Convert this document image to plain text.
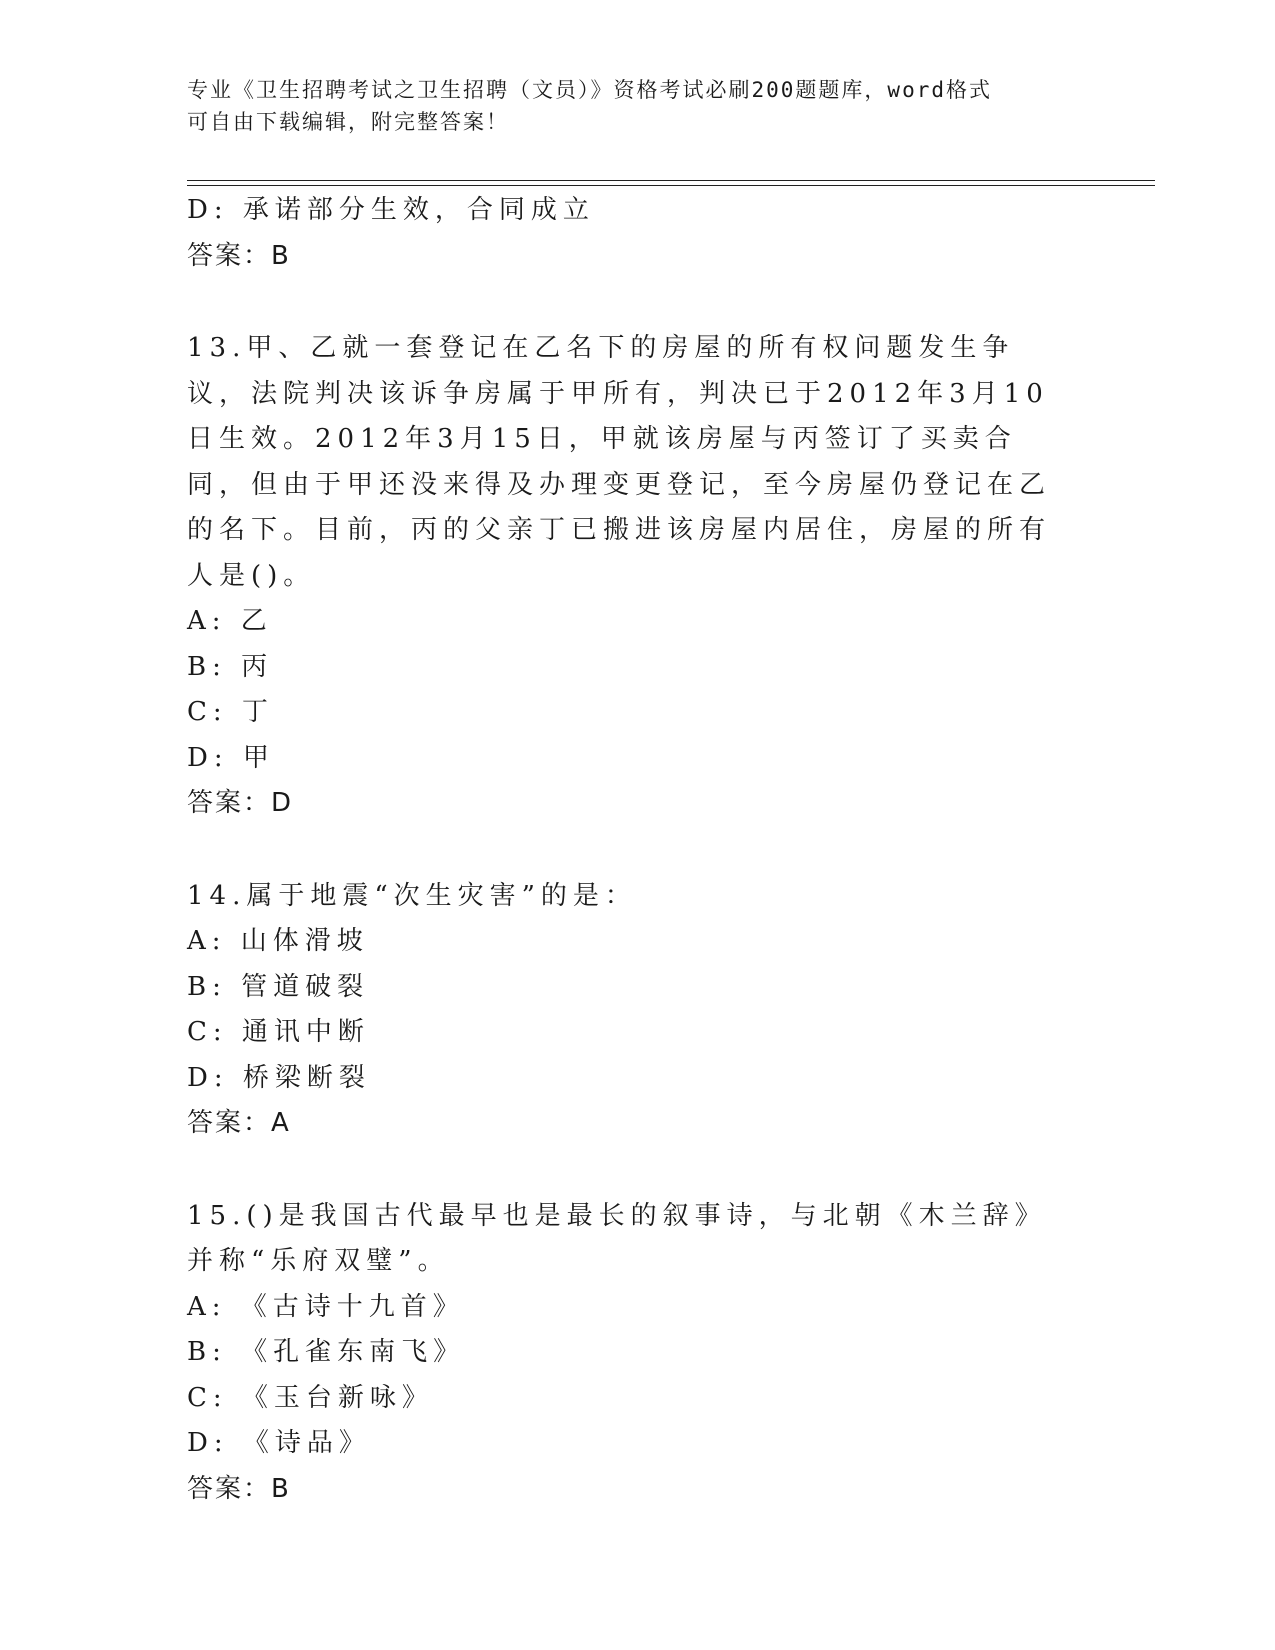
专业《卫生招聘考试之卫生招聘（文员）》资格考试必刷200题题库，word格式
可自由下载编辑，附完整答案！
D: 承诺部分生效，合同成立
答案：B
13.甲、乙就一套登记在乙名下的房屋的所有权问题发生争议，法院判决该诉争房属于甲所有，判决已于2012年3月10日生效。2012年3月15日，甲就该房屋与丙签订了买卖合同，但由于甲还没来得及办理变更登记，至今房屋仍登记在乙的名下。目前，丙的父亲丁已搬进该房屋内居住，房屋的所有人是()。
A: 乙
B: 丙
C: 丁
D: 甲
答案：D
14.属于地震“次生灾害”的是：
A: 山体滑坡
B: 管道破裂
C: 通讯中断
D: 桥梁断裂
答案：A
15.()是我国古代最早也是最长的叙事诗，与北朝《木兰辞》并称“乐府双璧”。
A: 《古诗十九首》
B: 《孔雀东南飞》
C: 《玉台新咏》
D: 《诗品》
答案：B
